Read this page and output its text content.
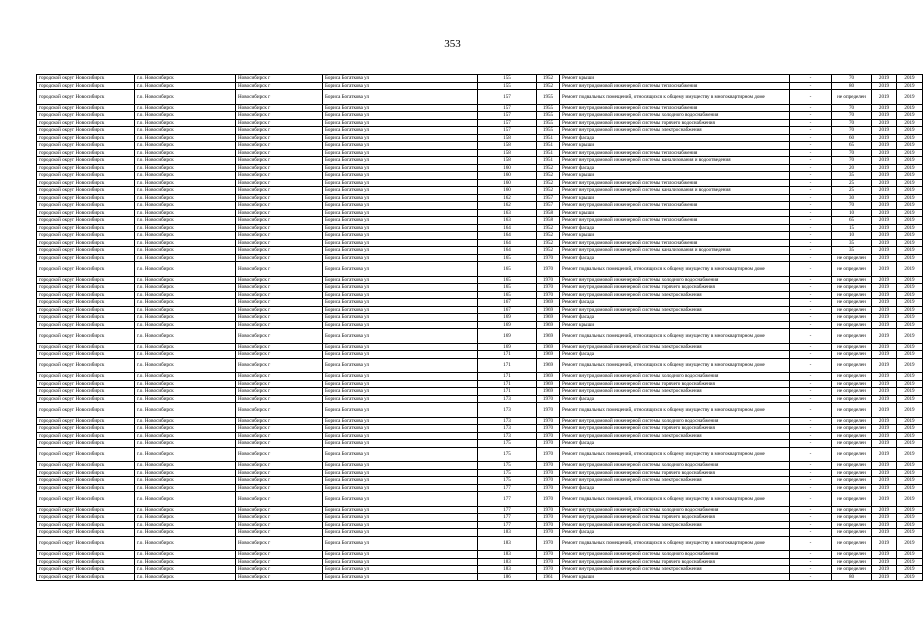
353
городской округ Новосибирск	г.о. Новосибирск	Новосибирск г	Бориса Богаткова ул	155	1952	Ремонт крыши	-	70	2019	2019
городской округ Новосибирск	г.о. Новосибирск	Новосибирск г	Бориса Богаткова ул	155	1952	Ремонт внутридомовой инженерной системы теплоснабжения	-	80	2019	2019
городской округ Новосибирск	г.о. Новосибирск	Новосибирск г	Бориса Богаткова ул	157	1955	Ремонт подвальных помещений, относящихся к общему имуществу в многоквартирном доме	-	не определен	2019	2019
городской округ Новосибирск	г.о. Новосибирск	Новосибирск г	Бориса Богаткова ул	157	1955	Ремонт внутридомовой инженерной системы теплоснабжения	-	70	2019	2019
городской округ Новосибирск	г.о. Новосибирск	Новосибирск г	Бориса Богаткова ул	157	1955	Ремонт внутридомовой инженерной системы холодного водоснабжения	-	70	2019	2019
городской округ Новосибирск	г.о. Новосибирск	Новосибирск г	Бориса Богаткова ул	157	1955	Ремонт внутридомовой инженерной системы горячего водоснабжения	-	70	2019	2019
городской округ Новосибирск	г.о. Новосибирск	Новосибирск г	Бориса Богаткова ул	157	1955	Ремонт внутридомовой инженерной системы электроснабжения	-	70	2019	2019
городской округ Новосибирск	г.о. Новосибирск	Новосибирск г	Бориса Богаткова ул	158	1951	Ремонт фасада	-	60	2019	2019
городской округ Новосибирск	г.о. Новосибирск	Новосибирск г	Бориса Богаткова ул	158	1951	Ремонт крыши	-	65	2019	2019
городской округ Новосибирск	г.о. Новосибирск	Новосибирск г	Бориса Богаткова ул	158	1951	Ремонт внутридомовой инженерной системы теплоснабжения	-	70	2019	2019
городской округ Новосибирск	г.о. Новосибирск	Новосибирск г	Бориса Богаткова ул	158	1951	Ремонт внутридомовой инженерной системы канализования и водоотведения	-	70	2019	2019
городской округ Новосибирск	г.о. Новосибирск	Новосибирск г	Бориса Богаткова ул	160	1952	Ремонт фасада	-	20	2019	2019
городской округ Новосибирск	г.о. Новосибирск	Новосибирск г	Бориса Богаткова ул	160	1952	Ремонт крыши	-	35	2019	2019
городской округ Новосибирск	г.о. Новосибирск	Новосибирск г	Бориса Богаткова ул	160	1952	Ремонт внутридомовой инженерной системы теплоснабжения	-	25	2019	2019
городской округ Новосибирск	г.о. Новосибирск	Новосибирск г	Бориса Богаткова ул	160	1952	Ремонт внутридомовой инженерной системы канализования и водоотведения	-	25	2019	2019
городской округ Новосибирск	г.о. Новосибирск	Новосибирск г	Бориса Богаткова ул	162	1957	Ремонт крыши	-	30	2019	2019
городской округ Новосибирск	г.о. Новосибирск	Новосибирск г	Бориса Богаткова ул	162	1957	Ремонт внутридомовой инженерной системы теплоснабжения	-	70	2019	2019
городской округ Новосибирск	г.о. Новосибирск	Новосибирск г	Бориса Богаткова ул	163	1958	Ремонт крыши	-	10	2019	2019
городской округ Новосибирск	г.о. Новосибирск	Новосибирск г	Бориса Богаткова ул	163	1958	Ремонт внутридомовой инженерной системы теплоснабжения	-	65	2019	2019
городской округ Новосибирск	г.о. Новосибирск	Новосибирск г	Бориса Богаткова ул	164	1952	Ремонт фасада	-	15	2019	2019
городской округ Новосибирск	г.о. Новосибирск	Новосибирск г	Бориса Богаткова ул	164	1952	Ремонт крыши	-	10	2019	2019
городской округ Новосибирск	г.о. Новосибирск	Новосибирск г	Бориса Богаткова ул	164	1952	Ремонт внутридомовой инженерной системы теплоснабжения	-	35	2019	2019
городской округ Новосибирск	г.о. Новосибирск	Новосибирск г	Бориса Богаткова ул	164	1952	Ремонт внутридомовой инженерной системы канализования и водоотведения	-	35	2019	2019
городской округ Новосибирск	г.о. Новосибирск	Новосибирск г	Бориса Богаткова ул	165	1970	Ремонт фасада	-	не определен	2019	2019
городской округ Новосибирск	г.о. Новосибирск	Новосибирск г	Бориса Богаткова ул	165	1970	Ремонт подвальных помещений, относящихся к общему имуществу в многоквартирном доме	-	не определен	2019	2019
городской округ Новосибирск	г.о. Новосибирск	Новосибирск г	Бориса Богаткова ул	165	1970	Ремонт внутридомовой инженерной системы холодного водоснабжения	-	не определен	2019	2019
городской округ Новосибирск	г.о. Новосибирск	Новосибирск г	Бориса Богаткова ул	165	1970	Ремонт внутридомовой инженерной системы горячего водоснабжения	-	не определен	2019	2019
городской округ Новосибирск	г.о. Новосибирск	Новосибирск г	Бориса Богаткова ул	165	1970	Ремонт внутридомовой инженерной системы электроснабжения	-	не определен	2019	2019
городской округ Новосибирск	г.о. Новосибирск	Новосибирск г	Бориса Богаткова ул	167	1969	Ремонт фасада	-	не определен	2019	2019
городской округ Новосибирск	г.о. Новосибирск	Новосибирск г	Бориса Богаткова ул	167	1969	Ремонт внутридомовой инженерной системы электроснабжения	-	не определен	2019	2019
городской округ Новосибирск	г.о. Новосибирск	Новосибирск г	Бориса Богаткова ул	169	1969	Ремонт фасада	-	не определен	2019	2019
городской округ Новосибирск	г.о. Новосибирск	Новосибирск г	Бориса Богаткова ул	169	1969	Ремонт крыши	-	не определен	2019	2019
городской округ Новосибирск	г.о. Новосибирск	Новосибирск г	Бориса Богаткова ул	169	1969	Ремонт подвальных помещений, относящихся к общему имуществу в многоквартирном доме	-	не определен	2019	2019
городской округ Новосибирск	г.о. Новосибирск	Новосибирск г	Бориса Богаткова ул	169	1969	Ремонт внутридомовой инженерной системы электроснабжения	-	не определен	2019	2019
городской округ Новосибирск	г.о. Новосибирск	Новосибирск г	Бориса Богаткова ул	171	1969	Ремонт фасада	-	не определен	2019	2019
городской округ Новосибирск	г.о. Новосибирск	Новосибирск г	Бориса Богаткова ул	171	1969	Ремонт подвальных помещений, относящихся к общему имуществу в многоквартирном доме	-	не определен	2019	2019
городской округ Новосибирск	г.о. Новосибирск	Новосибирск г	Бориса Богаткова ул	171	1969	Ремонт внутридомовой инженерной системы холодного водоснабжения	-	не определен	2019	2019
городской округ Новосибирск	г.о. Новосибирск	Новосибирск г	Бориса Богаткова ул	171	1969	Ремонт внутридомовой инженерной системы горячего водоснабжения	-	не определен	2019	2019
городской округ Новосибирск	г.о. Новосибирск	Новосибирск г	Бориса Богаткова ул	171	1969	Ремонт внутридомовой инженерной системы электроснабжения	-	не определен	2019	2019
городской округ Новосибирск	г.о. Новосибирск	Новосибирск г	Бориса Богаткова ул	173	1970	Ремонт фасада	-	не определен	2019	2019
городской округ Новосибирск	г.о. Новосибирск	Новосибирск г	Бориса Богаткова ул	173	1970	Ремонт подвальных помещений, относящихся к общему имуществу в многоквартирном доме	-	не определен	2019	2019
городской округ Новосибирск	г.о. Новосибирск	Новосибирск г	Бориса Богаткова ул	173	1970	Ремонт внутридомовой инженерной системы холодного водоснабжения	-	не определен	2019	2019
городской округ Новосибирск	г.о. Новосибирск	Новосибирск г	Бориса Богаткова ул	173	1970	Ремонт внутридомовой инженерной системы горячего водоснабжения	-	не определен	2019	2019
городской округ Новосибирск	г.о. Новосибирск	Новосибирск г	Бориса Богаткова ул	173	1970	Ремонт внутридомовой инженерной системы электроснабжения	-	не определен	2019	2019
городской округ Новосибирск	г.о. Новосибирск	Новосибирск г	Бориса Богаткова ул	175	1970	Ремонт фасада	-	не определен	2019	2019
городской округ Новосибирск	г.о. Новосибирск	Новосибирск г	Бориса Богаткова ул	175	1970	Ремонт подвальных помещений, относящихся к общему имуществу в многоквартирном доме	-	не определен	2019	2019
городской округ Новосибирск	г.о. Новосибирск	Новосибирск г	Бориса Богаткова ул	175	1970	Ремонт внутридомовой инженерной системы холодного водоснабжения	-	не определен	2019	2019
городской округ Новосибирск	г.о. Новосибирск	Новосибирск г	Бориса Богаткова ул	175	1970	Ремонт внутридомовой инженерной системы горячего водоснабжения	-	не определен	2019	2019
городской округ Новосибирск	г.о. Новосибирск	Новосибирск г	Бориса Богаткова ул	175	1970	Ремонт внутридомовой инженерной системы электроснабжения	-	не определен	2019	2019
городской округ Новосибирск	г.о. Новосибирск	Новосибирск г	Бориса Богаткова ул	177	1970	Ремонт фасада	-	не определен	2019	2019
городской округ Новосибирск	г.о. Новосибирск	Новосибирск г	Бориса Богаткова ул	177	1970	Ремонт подвальных помещений, относящихся к общему имуществу в многоквартирном доме	-	не определен	2019	2019
городской округ Новосибирск	г.о. Новосибирск	Новосибирск г	Бориса Богаткова ул	177	1970	Ремонт внутридомовой инженерной системы холодного водоснабжения	-	не определен	2019	2019
городской округ Новосибирск	г.о. Новосибирск	Новосибирск г	Бориса Богаткова ул	177	1970	Ремонт внутридомовой инженерной системы горячего водоснабжения	-	не определен	2019	2019
городской округ Новосибирск	г.о. Новосибирск	Новосибирск г	Бориса Богаткова ул	177	1970	Ремонт внутридомовой инженерной системы электроснабжения	-	не определен	2019	2019
городской округ Новосибирск	г.о. Новосибирск	Новосибирск г	Бориса Богаткова ул	183	1970	Ремонт фасада	-	не определен	2019	2019
городской округ Новосибирск	г.о. Новосибирск	Новосибирск г	Бориса Богаткова ул	183	1970	Ремонт подвальных помещений, относящихся к общему имуществу в многоквартирном доме	-	не определен	2019	2019
городской округ Новосибирск	г.о. Новосибирск	Новосибирск г	Бориса Богаткова ул	183	1970	Ремонт внутридомовой инженерной системы холодного водоснабжения	-	не определен	2019	2019
городской округ Новосибирск	г.о. Новосибирск	Новосибирск г	Бориса Богаткова ул	183	1970	Ремонт внутридомовой инженерной системы горячего водоснабжения	-	не определен	2019	2019
городской округ Новосибирск	г.о. Новосибирск	Новосибирск г	Бориса Богаткова ул	183	1970	Ремонт внутридомовой инженерной системы электроснабжения	-	не определен	2019	2019
городской округ Новосибирск	г.о. Новосибирск	Новосибирск г	Бориса Богаткова ул	186	1961	Ремонт крыши	-	80	2019	2019
